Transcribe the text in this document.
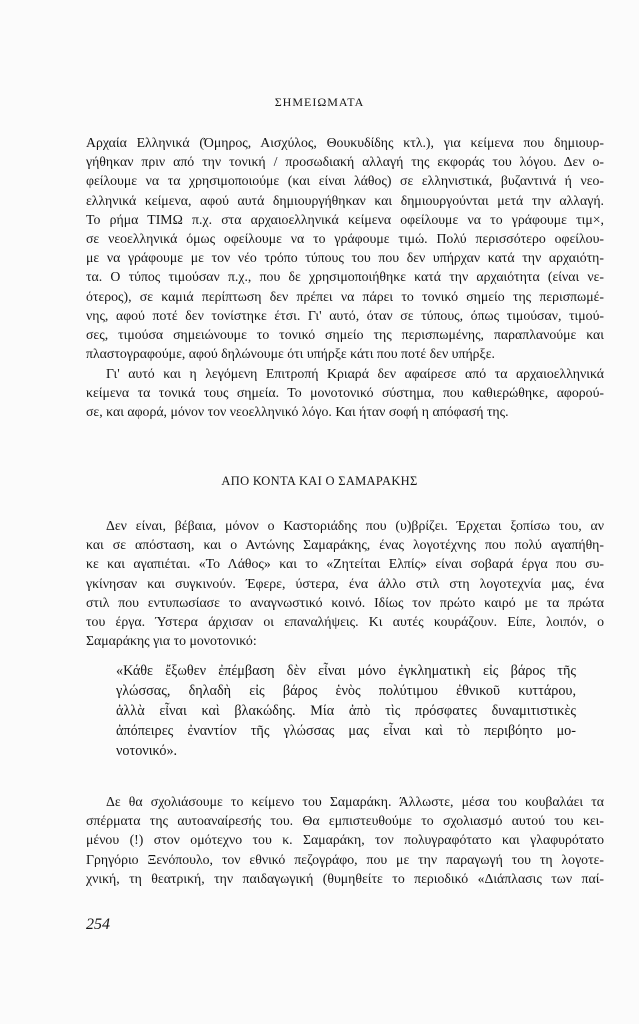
ΣΗΜΕΙΩΜΑΤΑ

Αρχαία Ελληνικά (Όμηρος, Αισχύλος, Θουκυδίδης κτλ.), για κείμενα που δημιουρ-
γήθηκαν πριν από την τονική / προσωδιακή αλλαγή της εκφοράς του λόγου. Δεν ο-
φείλουμε να τα χρησιμοποιούμε (και είναι λάθος) σε ελληνιστικά, βυζαντινά ή νεο-
ελληνικά κείμενα, αφού αυτά δημιουργήθηκαν και δημιουργούνται μετά την αλλαγή.
Το ρήμα ΤΙΜΩ π.χ. στα αρχαιοελληνικά κείμενα οφείλουμε να το γράφουμε τιμ×,
σε νεοελληνικά όμως οφείλουμε να το γράφουμε τιμώ. Πολύ περισσότερο οφείλου-
με να γράφουμε με τον νέο τρόπο τύπους του που δεν υπήρχαν κατά την αρχαιότη-
τα. Ο τύπος τιμούσαν π.χ., που δε χρησιμοποιήθηκε κατά την αρχαιότητα (είναι νε-
ότερος), σε καμιά περίπτωση δεν πρέπει να πάρει το τονικό σημείο της περισπωμέ-
νης, αφού ποτέ δεν τονίστηκε έτσι. Γι' αυτό, όταν σε τύπους, όπως τιμούσαν, τιμού-
σες, τιμούσα σημειώνουμε το τονικό σημείο της περισπωμένης, παραπλανούμε και
πλαστογραφούμε, αφού δηλώνουμε ότι υπήρξε κάτι που ποτέ δεν υπήρξε.

Γι' αυτό και η λεγόμενη Επιτροπή Κριαρά δεν αφαίρεσε από τα αρχαιοελληνικά
κείμενα τα τονικά τους σημεία. Το μονοτονικό σύστημα, που καθιερώθηκε, αφορού-
σε, και αφορά, μόνον τον νεοελληνικό λόγο. Και ήταν σοφή η απόφασή της.

ΑΠΟ ΚΟΝΤΑ ΚΑΙ Ο ΣΑΜΑΡΑΚΗΣ

Δεν είναι, βέβαια, μόνον ο Καστοριάδης που (υ)βρίζει. Έρχεται ξοπίσω του, αν
και σε απόσταση, και ο Αντώνης Σαμαράκης, ένας λογοτέχνης που πολύ αγαπήθη-
κε και αγαπιέται. «Το Λάθος» και το «Ζητείται Ελπίς» είναι σοβαρά έργα που συ-
γκίνησαν και συγκινούν. Έφερε, ύστερα, ένα άλλο στιλ στη λογοτεχνία μας, ένα
στιλ που εντυπωσίασε το αναγνωστικό κοινό. Ιδίως τον πρώτο καιρό με τα πρώτα
του έργα. Ύστερα άρχισαν οι επαναλήψεις. Κι αυτές κουράζουν. Είπε, λοιπόν, ο
Σαμαράκης για το μονοτονικό:

«Κάθε ἔξωθεν ἐπέμβαση δὲν εἶναι μόνο ἐγκληματικὴ εἰς βάρος τῆς
γλώσσας, δηλαδὴ εἰς βάρος ἑνὸς πολύτιμου ἐθνικοῦ κυττάρου,
ἀλλὰ εἶναι καὶ βλακώδης. Μία ἀπὸ τὶς πρόσφατες δυναμιτιστικὲς
ἀπόπειρες ἐναντίον τῆς γλώσσας μας εἶναι καὶ τὸ περιβόητο μο-
νοτονικό».

Δε θα σχολιάσουμε το κείμενο του Σαμαράκη. Άλλωστε, μέσα του κουβαλάει τα
σπέρματα της αυτοαναίρεσής του. Θα εμπιστευθούμε το σχολιασμό αυτού του κει-
μένου (!) στον ομότεχνο του κ. Σαμαράκη, τον πολυγραφότατο και γλαφυρότατο
Γρηγόριο Ξενόπουλο, τον εθνικό πεζογράφο, που με την παραγωγή του τη λογοτε-
χνική, τη θεατρική, την παιδαγωγική (θυμηθείτε το περιοδικό «Διάπλασις των παί-

254
